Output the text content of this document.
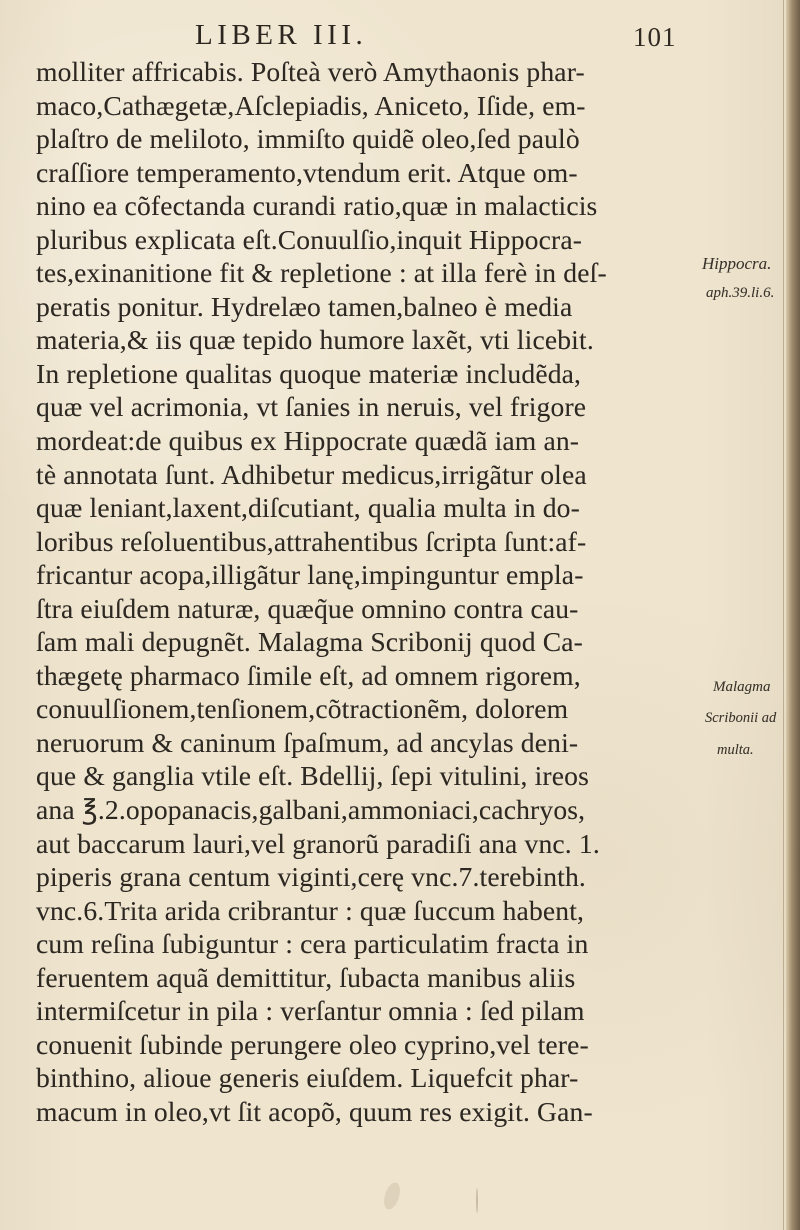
LIBER III.	101
molliter affricabis. Poſteà verò Amythaonis phar-
maco,Cathægetæ,Aſclepiadis, Aniceto, Iſide, em-
plaſtro de meliloto, immiſto quidẽ oleo,ſed paulò
craſſiore temperamento,vtendum erit. Atque om-
nino ea cõfectanda curandi ratio,quæ in malacticis
pluribus explicata eſt.Conuulſio,inquit Hippocra-
tes,exinanitione fit & repletione : at illa ferè in deſ-
peratis ponitur. Hydrelæo tamen,balneo è media
materia,& iis quæ tepido humore laxẽt, vti licebit.
In repletione qualitas quoque materiæ includẽda,
quæ vel acrimonia, vt ſanies in neruis, vel frigore
mordeat:de quibus ex Hippocrate quædã iam an-
tè annotata ſunt. Adhibetur medicus,irrigãtur olea
quæ leniant,laxent,diſcutiant, qualia multa in do-
loribus reſoluentibus,attrahentibus ſcripta ſunt:af-
fricantur acopa,illigãtur lanę,impinguntur empla-
ſtra eiuſdem naturæ, quæq̃ue omnino contra cau-
ſam mali depugnẽt. Malagma Scribonij quod Ca-
thægetę pharmaco ſimile eſt, ad omnem rigorem,
conuulſionem,tenſionem,cõtractionẽm, dolorem
neruorum & caninum ſpaſmum, ad ancylas deni-
que & ganglia vtile eſt. Bdellij, ſepi vitulini, ireos
ana ℥.2.opopanacis,galbani,ammoniaci,cachryos,
aut baccarum lauri,vel granorũ paradiſi ana vnc. 1.
piperis grana centum viginti,cerę vnc.7.terebinth.
vnc.6.Trita arida cribrantur : quæ ſuccum habent,
cum reſina ſubiguntur : cera particulatim fracta in
feruentem aquã demittitur, ſubacta manibus aliis
intermiſcetur in pila : verſantur omnia : ſed pilam
conuenit ſubinde perungere oleo cyprino,vel tere-
binthino, alioue generis eiuſdem. Liquefcit phar-
macum in oleo,vt ſit acopõ, quum res exigit. Gan-
Hippocra.
aph.39.li.6.
Malagma
Scribonii ad
multa.
